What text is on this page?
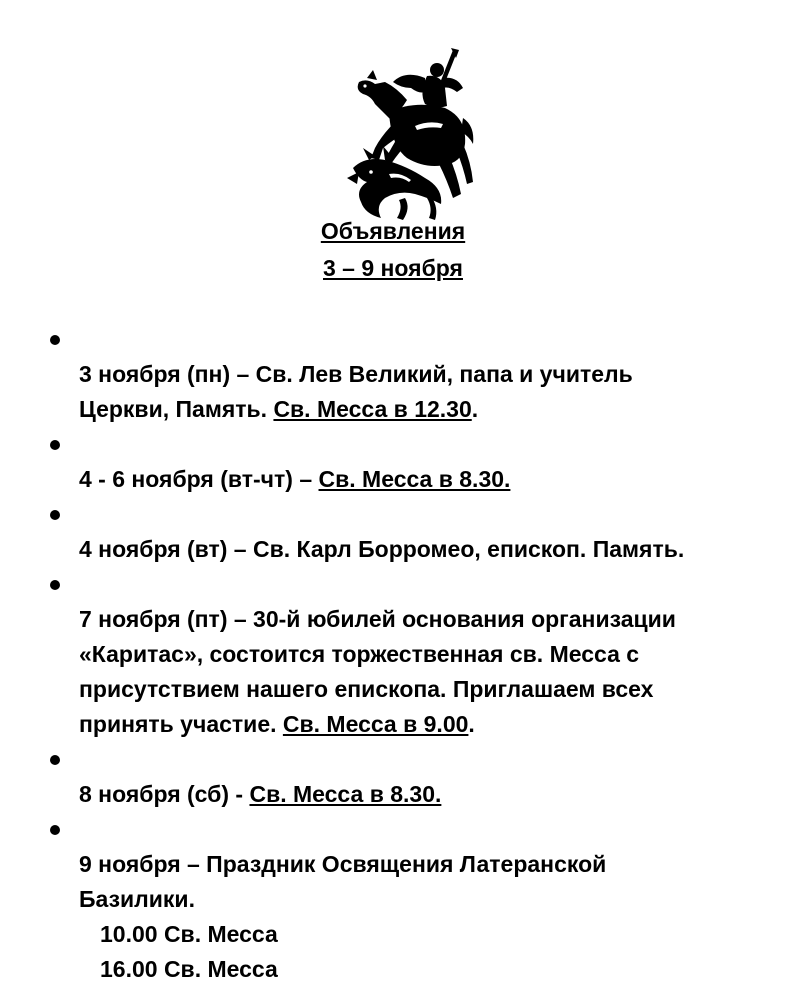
Объявления
3 – 9 ноября

3 ноября (пн) – Св. Лев Великий, папа и учитель
Церкви, Память. Св. Месса в 12.30.

4 - 6 ноября (вт-чт) – Св. Месса в 8.30.

4 ноября (вт) – Св. Карл Борромео, епископ. Память.

7 ноября (пт) – 30-й юбилей основания организации
«Каритас», состоится торжественная св. Месса с
присутствием нашего епископа. Приглашаем всех
принять участие. Св. Месса в 9.00.

8 ноября (сб) - Св. Месса в 8.30.

9 ноября – Праздник Освящения Латеранской
Базилики.

10.00 Св. Месса
16.00 Св. Месса
